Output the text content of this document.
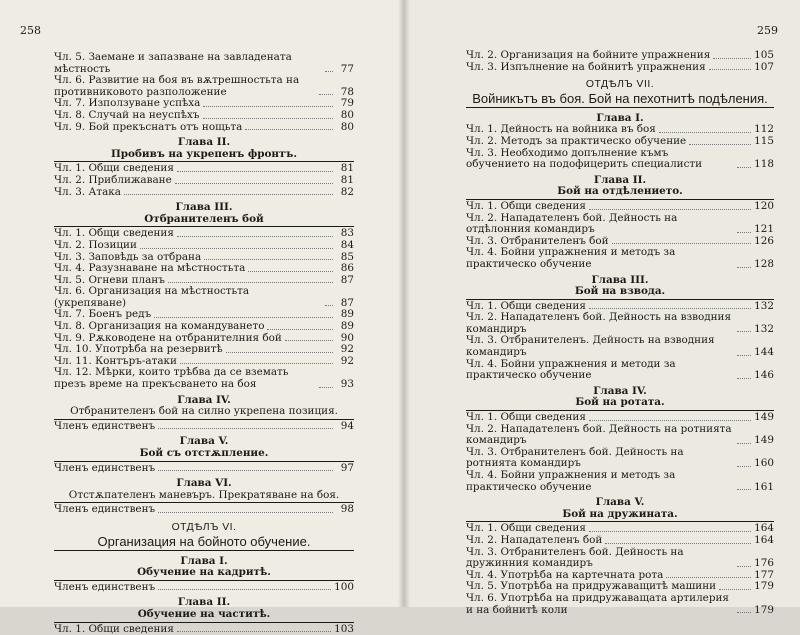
258
Чл. 5. Заемане и запазване на завладената мѣстность	77
Чл. 6. Развитие на боя въ вѫтрешностьта на противниковото разположение	78
Чл. 7. Използуване успѣха	79
Чл. 8. Случай на неуспѣхъ	80
Чл. 9. Бой прекъснатъ отъ нощьта	80
Глава II.
Пробивъ на укрепенъ фронтъ.
Чл. 1. Общи сведения	81
Чл. 2. Приближаване	81
Чл. 3. Атака	82
Глава III.
Отбранителенъ бой
Чл. 1. Общи сведения	83
Чл. 2. Позиции	84
Чл. 3. Заповѣдь за отбрана	85
Чл. 4. Разузнаване на мѣстностьта	86
Чл. 5. Огневи планъ	87
Чл. 6. Организация на мѣстностьта (укрепяване)	87
Чл. 7. Боенъ редъ	89
Чл. 8. Организация на командуването	89
Чл. 9. Рѫководене на отбранителния бой	90
Чл. 10. Употрѣба на резервитѣ	92
Чл. 11. Контъръ-атаки	92
Чл. 12. Мѣрки, които трѣбва да се вземать презъ време на прекъсването на боя	93
Глава IV.
Отбранителенъ бой на силно укрепена позиция.
Членъ единственъ	94
Глава V.
Бой съ отстѫпление.
Членъ единственъ	97
Глава VI.
Отстѫпателенъ маневъръ. Прекратяване на боя.
Членъ единственъ	98
ОТДѢЛЪ VI.
Организация на бойното обучение.
Глава I.
Обучение на кадритѣ.
Членъ единственъ	100
Глава II.
Обучение на частитѣ.
Чл. 1. Общи сведения	103
259
Чл. 2. Организация на бойните упражнения	105
Чл. 3. Изпълнение на бойнитѣ упражнения	107
ОТДѢЛЪ VII.
Войникътъ въ боя. Бой на пехотнитѣ подѣления.
Глава I.
Чл. 1. Дейность на войника въ боя	112
Чл. 2. Методъ за практическо обучение	115
Чл. 3. Необходимо допълнение къмъ обучението на подофицерить специалисти	118
Глава II.
Бой на отдѣлението.
Чл. 1. Общи сведения	120
Чл. 2. Нападателенъ бой. Дейность на отдѣлонния командиръ	121
Чл. 3. Отбранителенъ бой	126
Чл. 4. Бойни упражнения и методъ за практическо обучение	128
Глава III.
Бой на взвода.
Чл. 1. Общи сведения	132
Чл. 2. Нападателенъ бой. Дейность на взводния командиръ	132
Чл. 3. Отбранителенъ. Дейность на взводния командиръ	144
Чл. 4. Бойни упражнения и методи за практическо обучение	146
Глава IV.
Бой на ротата.
Чл. 1. Общи сведения	149
Чл. 2. Нападателенъ бой. Дейность на ротнията командиръ	149
Чл. 3. Отбранителенъ бой. Дейность на ротнията командиръ	160
Чл. 4. Бойни упражнения и методъ за практическо обучение	161
Глава V.
Бой на дружината.
Чл. 1. Общи сведения	164
Чл. 2. Нападателенъ бой	164
Чл. 3. Отбранителенъ бой. Дейность на дружинния командиръ	176
Чл. 4. Употрѣба на картечната рота	177
Чл. 5. Употрѣба на придружаващитѣ машини	179
Чл. 6. Употрѣба на придружаващата артилерия и на бойнитѣ коли	179
